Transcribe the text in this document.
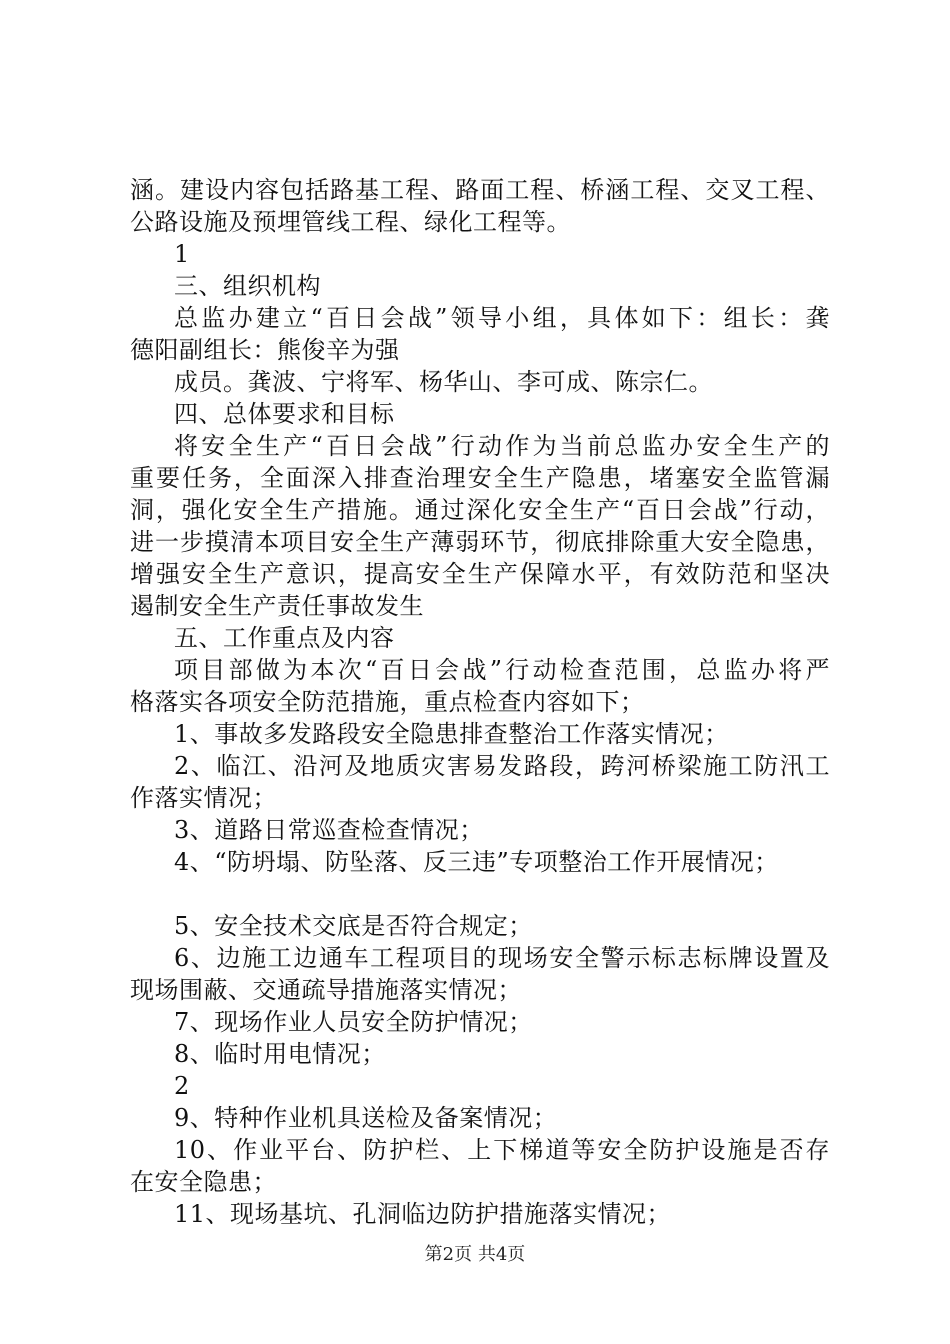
涵。建设内容包括路基工程、路面工程、桥涵工程、交叉工程、
公路设施及预埋管线工程、绿化工程等。
1
三、组织机构
总监办建立“百日会战”领导小组，具体如下：组长：龚
德阳副组长：熊俊辛为强
成员。龚波、宁将军、杨华山、李可成、陈宗仁。
四、总体要求和目标
将安全生产“百日会战”行动作为当前总监办安全生产的
重要任务，全面深入排查治理安全生产隐患，堵塞安全监管漏
洞，强化安全生产措施。通过深化安全生产“百日会战”行动，
进一步摸清本项目安全生产薄弱环节，彻底排除重大安全隐患，
增强安全生产意识，提高安全生产保障水平，有效防范和坚决
遏制安全生产责任事故发生
五、工作重点及内容
项目部做为本次“百日会战”行动检查范围，总监办将严
格落实各项安全防范措施，重点检查内容如下；
1、事故多发路段安全隐患排查整治工作落实情况；
2、临江、沿河及地质灾害易发路段，跨河桥梁施工防汛工
作落实情况；
3、道路日常巡查检查情况；
4、“防坍塌、防坠落、反三违”专项整治工作开展情况；
5、安全技术交底是否符合规定；
6、边施工边通车工程项目的现场安全警示标志标牌设置及
现场围蔽、交通疏导措施落实情况；
7、现场作业人员安全防护情况；
8、临时用电情况；
2
9、特种作业机具送检及备案情况；
10、作业平台、防护栏、上下梯道等安全防护设施是否存
在安全隐患；
11、现场基坑、孔洞临边防护措施落实情况；
第2页 共4页
